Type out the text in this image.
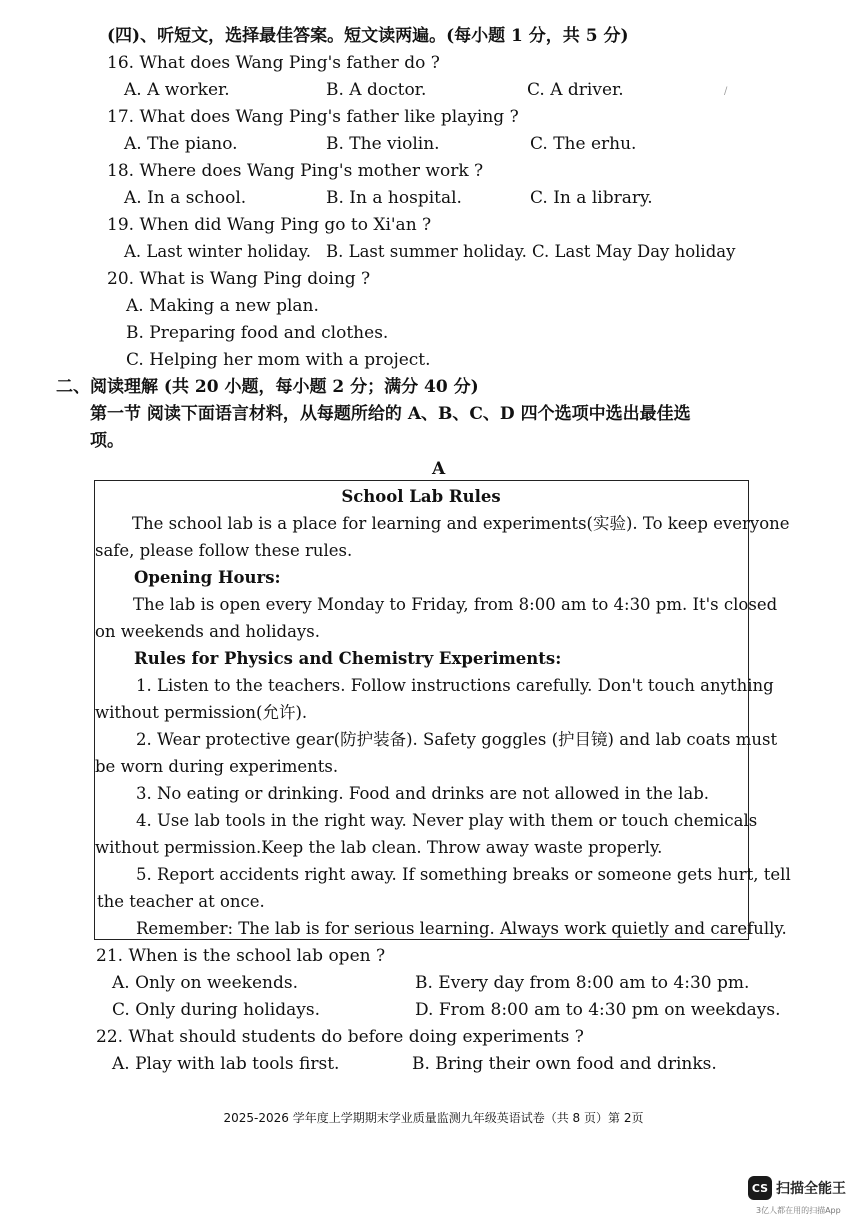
(四)、听短文，选择最佳答案。短文读两遍。(每小题 1 分，共 5 分)
16. What does Wang Ping's father do ?
A. A worker.	B. A doctor.	C. A driver.	/
17. What does Wang Ping's father like playing ?
A. The piano.	B. The violin.	C. The erhu.
18. Where does Wang Ping's mother work ?
A. In a school.	B. In a hospital.	C. In a library.
19. When did Wang Ping go to Xi'an ?
A. Last winter holiday. B. Last summer holiday. C. Last May Day holiday
20. What is Wang Ping doing ?
A. Making a new plan.
B. Preparing food and clothes.
C. Helping her mom with a project.
二、阅读理解 (共 20 小题，每小题 2 分；满分 40 分)
第一节 阅读下面语言材料，从每题所给的 A、B、C、D 四个选项中选出最佳选
项。
A
School Lab Rules
The school lab is a place for learning and experiments(实验). To keep everyone
safe, please follow these rules.
Opening Hours:
The lab is open every Monday to Friday, from 8:00 am to 4:30 pm. It's closed
on weekends and holidays.
Rules for Physics and Chemistry Experiments:
1. Listen to the teachers. Follow instructions carefully. Don't touch anything
without permission(允许).
2. Wear protective gear(防护装备). Safety goggles (护目镜) and lab coats must
be worn during experiments.
3. No eating or drinking. Food and drinks are not allowed in the lab.
4. Use lab tools in the right way. Never play with them or touch chemicals
without permission.Keep the lab clean. Throw away waste properly.
5. Report accidents right away. If something breaks or someone gets hurt, tell
the teacher at once.
Remember: The lab is for serious learning. Always work quietly and carefully.
21. When is the school lab open ?
A. Only on weekends.	B. Every day from 8:00 am to 4:30 pm.
C. Only during holidays.	D. From 8:00 am to 4:30 pm on weekdays.
22. What should students do before doing experiments ?
A. Play with lab tools first.	B. Bring their own food and drinks.
2025-2026 学年度上学期期末学业质量监测九年级英语试卷（共 8 页）第 2页
CS 扫描全能王
3亿人都在用的扫描App
